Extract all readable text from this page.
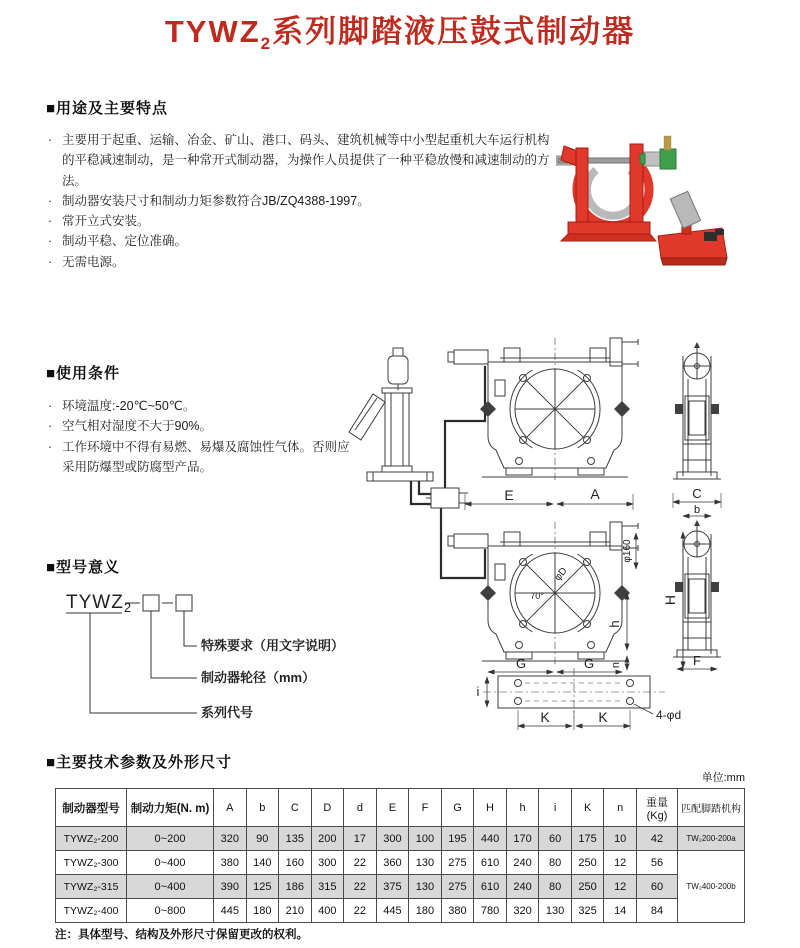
$TYWZ_2$系列脚踏液压鼓式制动器
■用途及主要特点
· 主要用于起重、运输、冶金、矿山、港口、码头、建筑机械等中小型起重机大车运行机构的平稳减速制动，是一种常开式制动器，为操作人员提供了一种平稳放慢和减速制动的方法。
· 制动器安装尺寸和制动力矩参数符合JB/ZQ4388-1997。
· 常开立式安装。
· 制动平稳、定位准确。
· 无需电源。
■使用条件
· 环境温度:-20℃~50℃。
· 空气相对湿度不大于90%。
· 工作环境中不得有易燃、易爆及腐蚀性气体。否则应采用防爆型或防腐型产品。
E	A
φ160
H
h
n
G	G
C
b
F
i
K	K	4-φd
φD
70°
■型号意义
$TYWZ_2$
特殊要求（用文字说明）
制动器轮径（mm）
系列代号
■主要技术参数及外形尺寸
单位:mm
制动器型号	制动力矩(N. m)	A	b	C	D	d	E	F	G	H	h	i	K	n	重量(Kg)	匹配脚踏机构
TYWZ₂-200	0~200	320	90	135	200	17	300	100	195	440	170	60	175	10	42	TW₂200-200a
TYWZ₂-300	0~400	380	140	160	300	22	360	130	275	610	240	80	250	12	56	TW₂400-200b
TYWZ₂-315	0~400	390	125	186	315	22	375	130	275	610	240	80	250	12	60	
TYWZ₂-400	0~800	445	180	210	400	22	445	180	380	780	320	130	325	14	84	
注：具体型号、结构及外形尺寸保留更改的权利。
